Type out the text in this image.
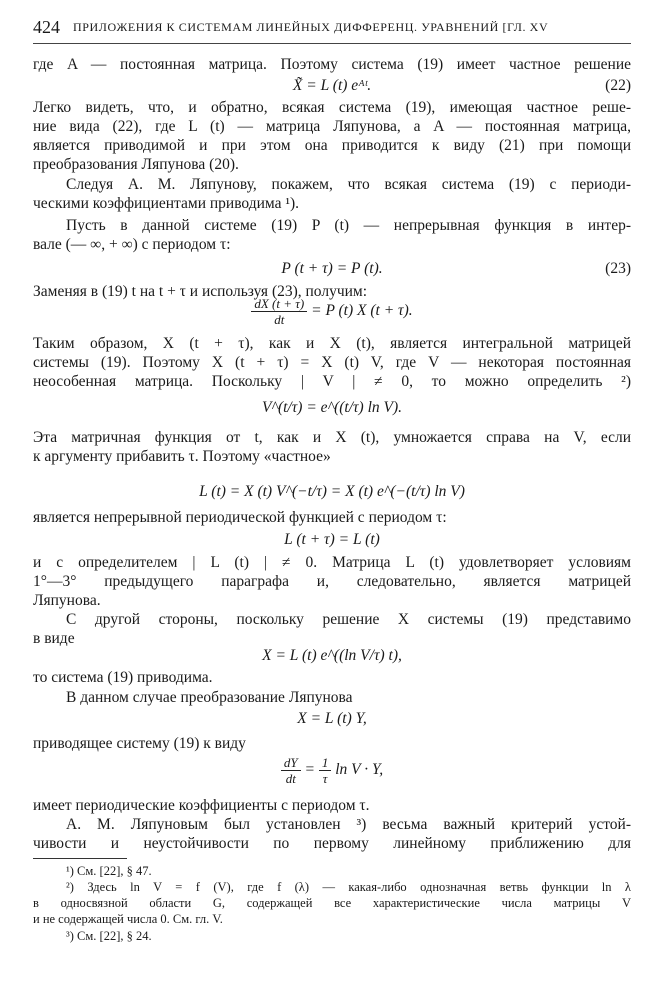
424 ПРИЛОЖЕНИЯ К СИСТЕМАМ ЛИНЕЙНЫХ ДИФФЕРЕНЦ. УРАВНЕНИЙ [ГЛ. XV
где A — постоянная матрица. Поэтому система (19) имеет частное решение
X̃ = L (t) eᴬᵗ.	(22)
Легко видеть, что, и обратно, всякая система (19), имеющая частное реше-
ние вида (22), где L (t) — матрица Ляпунова, а A — постоянная матрица,
является приводимой и при этом она приводится к виду (21) при помощи
преобразования Ляпунова (20).
Следуя А. М. Ляпунову, покажем, что всякая система (19) с периоди-
ческими коэффициентами приводима ¹).
Пусть в данной системе (19) P (t) — непрерывная функция в интер-
вале (— ∞, + ∞) с периодом τ:
P (t + τ) = P (t).	(23)
Заменяя в (19) t на t + τ и используя (23), получим:
$\frac{dX (t + \tau)}{dt} = P$ (t) X (t + τ).
Таким образом, X (t + τ), как и X (t), является интегральной матрицей
системы (19). Поэтому X (t + τ) = X (t) V, где V — некоторая постоянная
неособенная матрица. Поскольку | V | ≠ 0, то можно определить ²)
V^(t/τ) = e^((t/τ) ln V).
Эта матричная функция от t, как и X (t), умножается справа на V, если
к аргументу прибавить τ. Поэтому «частное»
L (t) = X (t) V^(−t/τ) = X (t) e^(−(t/τ) ln V)
является непрерывной периодической функцией с периодом τ:
L (t + τ) = L (t)
и с определителем | L (t) | ≠ 0. Матрица L (t) удовлетворяет условиям
1°—3° предыдущего параграфа и, следовательно, является матрицей
Ляпунова.
С другой стороны, поскольку решение X системы (19) представимо
в виде
X = L (t) e^((ln V/τ) t),
то система (19) приводима.
В данном случае преобразование Ляпунова
X = L (t) Y,
приводящее систему (19) к виду
$\frac{dY}{dt} = \frac{1}{\tau}$ ln V · Y,
имеет периодические коэффициенты с периодом τ.
А. М. Ляпуновым был установлен ³) весьма важный критерий устой-
чивости и неустойчивости по первому линейному приближению для
¹) См. [22], § 47.
²) Здесь ln V = f (V), где f (λ) — какая-либо однозначная ветвь функции ln λ
в односвязной области G, содержащей все характеристические числа матрицы V
и не содержащей числа 0. См. гл. V.
³) См. [22], § 24.
